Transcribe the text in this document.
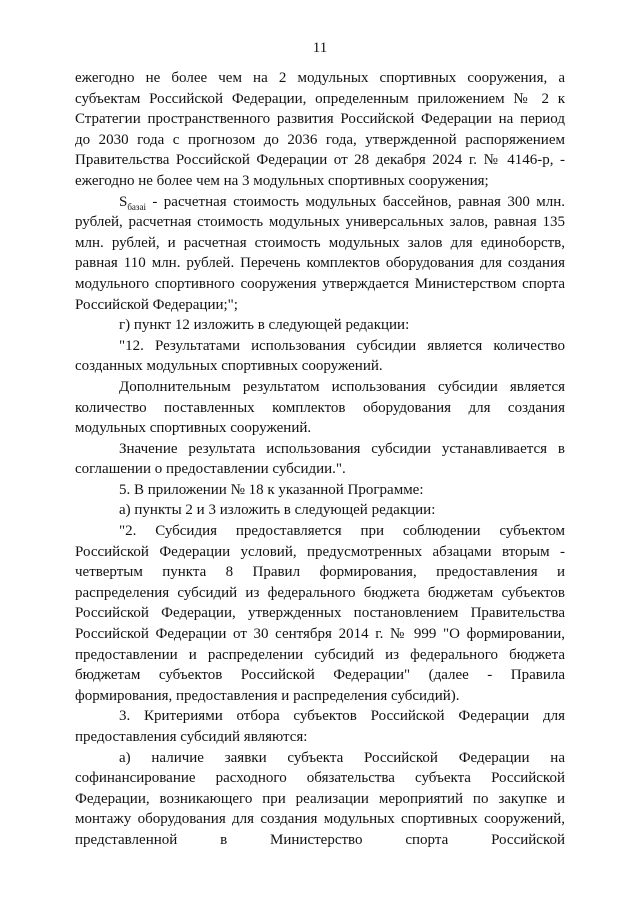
11

ежегодно не более чем на 2 модульных спортивных сооружения, а субъектам Российской Федерации, определенным приложением № 2 к Стратегии пространственного развития Российской Федерации на период до 2030 года с прогнозом до 2036 года, утвержденной распоряжением Правительства Российской Федерации от 28 декабря 2024 г. № 4146-р, - ежегодно не более чем на 3 модульных спортивных сооружения;

$S_{базаi}$ - расчетная стоимость модульных бассейнов, равная 300 млн. рублей, расчетная стоимость модульных универсальных залов, равная 135 млн. рублей, и расчетная стоимость модульных залов для единоборств, равная 110 млн. рублей. Перечень комплектов оборудования для создания модульного спортивного сооружения утверждается Министерством спорта Российской Федерации;";

г) пункт 12 изложить в следующей редакции:

"12. Результатами использования субсидии является количество созданных модульных спортивных сооружений.

Дополнительным результатом использования субсидии является количество поставленных комплектов оборудования для создания модульных спортивных сооружений.

Значение результата использования субсидии устанавливается в соглашении о предоставлении субсидии.".

5. В приложении № 18 к указанной Программе:

а) пункты 2 и 3 изложить в следующей редакции:

"2. Субсидия предоставляется при соблюдении субъектом Российской Федерации условий, предусмотренных абзацами вторым - четвертым пункта 8 Правил формирования, предоставления и распределения субсидий из федерального бюджета бюджетам субъектов Российской Федерации, утвержденных постановлением Правительства Российской Федерации от 30 сентября 2014 г. № 999 "О формировании, предоставлении и распределении субсидий из федерального бюджета бюджетам субъектов Российской Федерации" (далее - Правила формирования, предоставления и распределения субсидий).

3. Критериями отбора субъектов Российской Федерации для предоставления субсидий являются:

а) наличие заявки субъекта Российской Федерации на софинансирование расходного обязательства субъекта Российской Федерации, возникающего при реализации мероприятий по закупке и монтажу оборудования для создания модульных спортивных сооружений, представленной в Министерство спорта Российской
